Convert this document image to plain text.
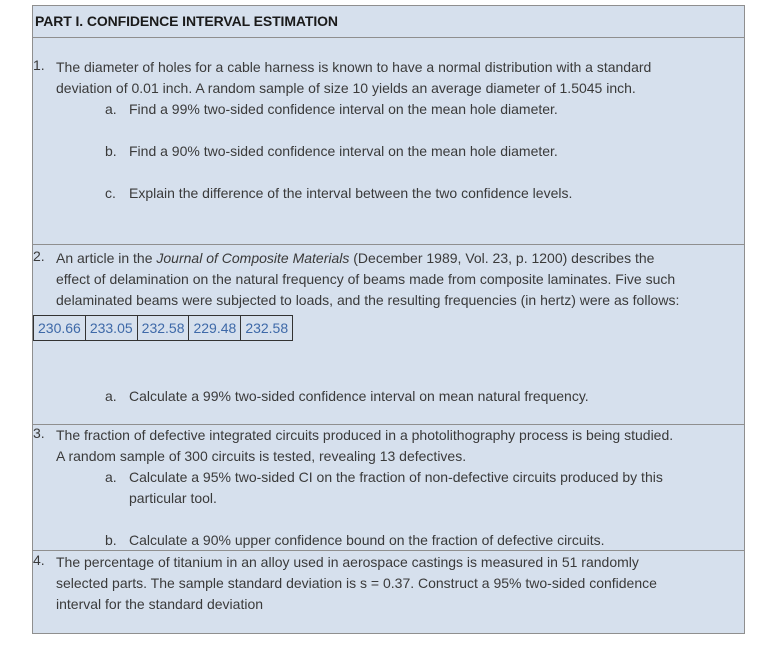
PART I. CONFIDENCE INTERVAL ESTIMATION
1. The diameter of holes for a cable harness is known to have a normal distribution with a standard
deviation of 0.01 inch. A random sample of size 10 yields an average diameter of 1.5045 inch.
a. Find a 99% two-sided confidence interval on the mean hole diameter.
b. Find a 90% two-sided confidence interval on the mean hole diameter.
c. Explain the difference of the interval between the two confidence levels.
2. An article in the Journal of Composite Materials (December 1989, Vol. 23, p. 1200) describes the
effect of delamination on the natural frequency of beams made from composite laminates. Five such
delaminated beams were subjected to loads, and the resulting frequencies (in hertz) were as follows:
230.66	233.05	232.58	229.48	232.58
a. Calculate a 99% two-sided confidence interval on mean natural frequency.
3. The fraction of defective integrated circuits produced in a photolithography process is being studied.
A random sample of 300 circuits is tested, revealing 13 defectives.
a. Calculate a 95% two-sided CI on the fraction of non-defective circuits produced by this
particular tool.
b. Calculate a 90% upper confidence bound on the fraction of defective circuits.
4. The percentage of titanium in an alloy used in aerospace castings is measured in 51 randomly
selected parts. The sample standard deviation is s = 0.37. Construct a 95% two-sided confidence
interval for the standard deviation
